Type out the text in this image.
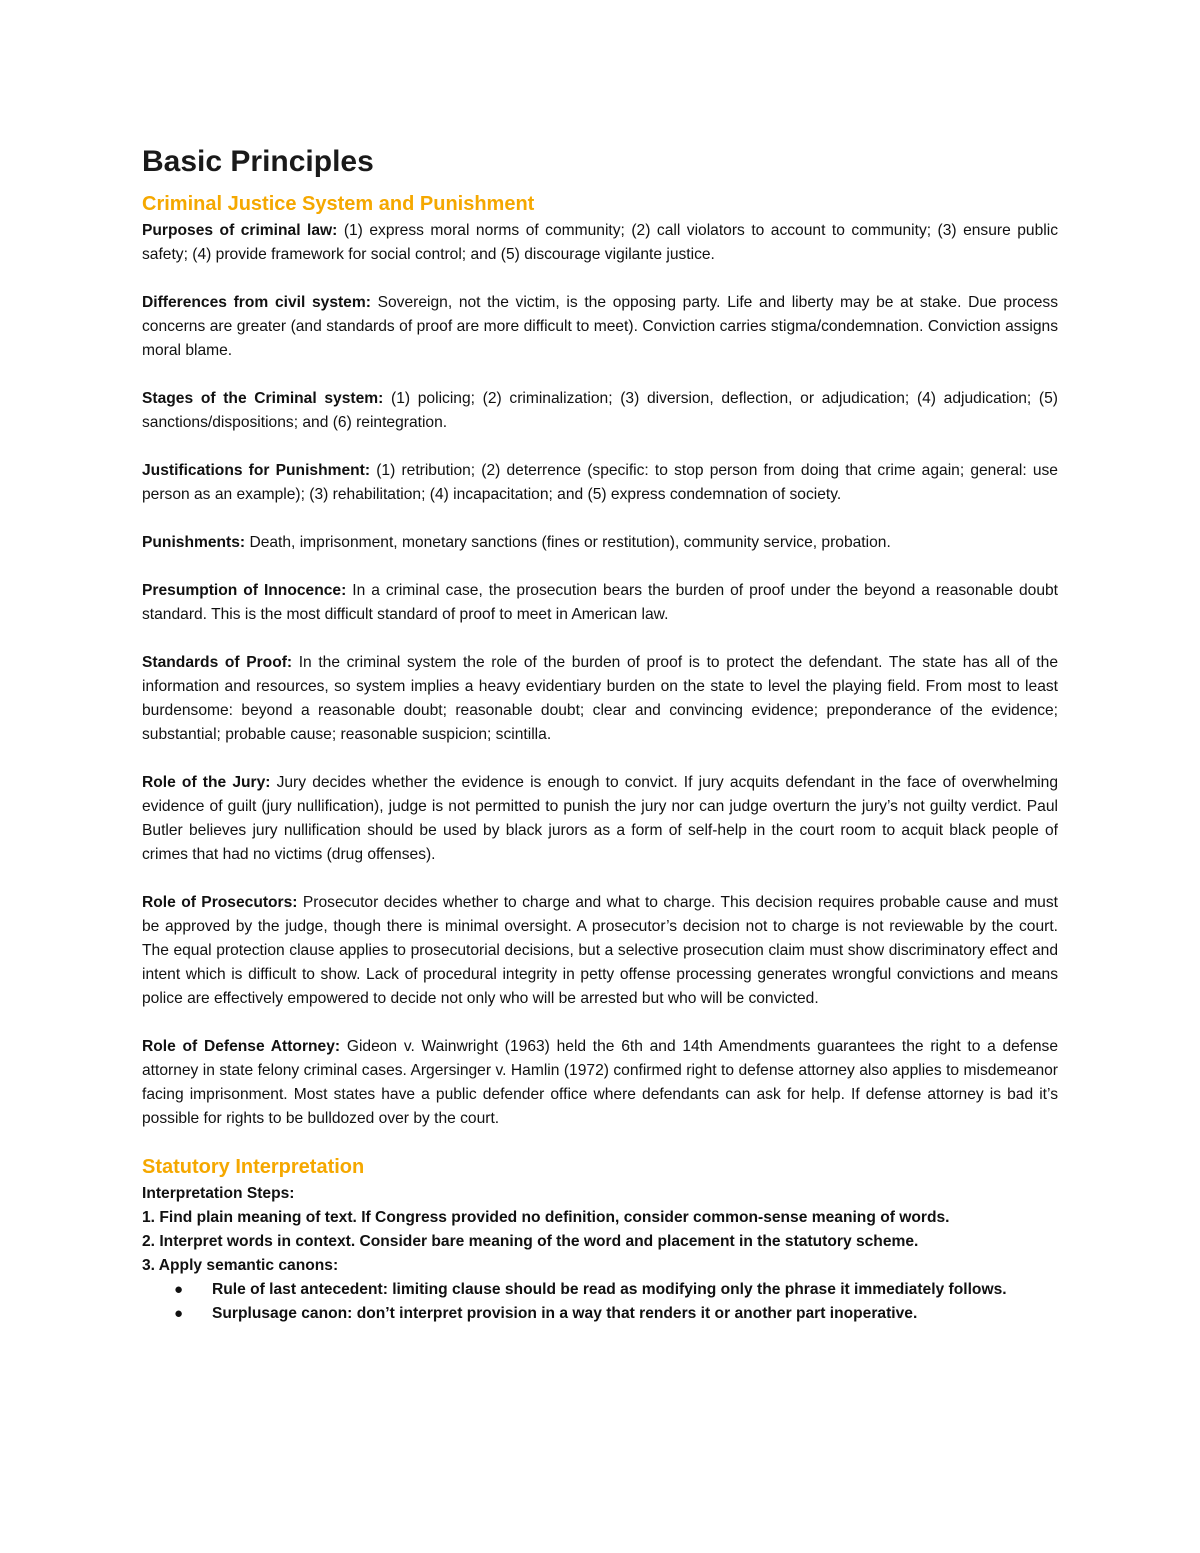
Basic Principles
Criminal Justice System and Punishment

Purposes of criminal law: (1) express moral norms of community; (2) call violators to account to community; (3) ensure public safety; (4) provide framework for social control; and (5) discourage vigilante justice.

Differences from civil system: Sovereign, not the victim, is the opposing party. Life and liberty may be at stake. Due process concerns are greater (and standards of proof are more difficult to meet). Conviction carries stigma/condemnation. Conviction assigns moral blame.

Stages of the Criminal system: (1) policing; (2) criminalization; (3) diversion, deflection, or adjudication; (4) adjudication; (5) sanctions/dispositions; and (6) reintegration.

Justifications for Punishment: (1) retribution; (2) deterrence (specific: to stop person from doing that crime again; general: use person as an example); (3) rehabilitation; (4) incapacitation; and (5) express condemnation of society.

Punishments: Death, imprisonment, monetary sanctions (fines or restitution), community service, probation.

Presumption of Innocence: In a criminal case, the prosecution bears the burden of proof under the beyond a reasonable doubt standard. This is the most difficult standard of proof to meet in American law.

Standards of Proof: In the criminal system the role of the burden of proof is to protect the defendant. The state has all of the information and resources, so system implies a heavy evidentiary burden on the state to level the playing field. From most to least burdensome: beyond a reasonable doubt; reasonable doubt; clear and convincing evidence; preponderance of the evidence; substantial; probable cause; reasonable suspicion; scintilla.

Role of the Jury: Jury decides whether the evidence is enough to convict. If jury acquits defendant in the face of overwhelming evidence of guilt (jury nullification), judge is not permitted to punish the jury nor can judge overturn the jury’s not guilty verdict. Paul Butler believes jury nullification should be used by black jurors as a form of self-help in the court room to acquit black people of crimes that had no victims (drug offenses).

Role of Prosecutors: Prosecutor decides whether to charge and what to charge. This decision requires probable cause and must be approved by the judge, though there is minimal oversight. A prosecutor’s decision not to charge is not reviewable by the court. The equal protection clause applies to prosecutorial decisions, but a selective prosecution claim must show discriminatory effect and intent which is difficult to show. Lack of procedural integrity in petty offense processing generates wrongful convictions and means police are effectively empowered to decide not only who will be arrested but who will be convicted.

Role of Defense Attorney: Gideon v. Wainwright (1963) held the 6th and 14th Amendments guarantees the right to a defense attorney in state felony criminal cases. Argersinger v. Hamlin (1972) confirmed right to defense attorney also applies to misdemeanor facing imprisonment. Most states have a public defender office where defendants can ask for help. If defense attorney is bad it’s possible for rights to be bulldozed over by the court.

Statutory Interpretation

Interpretation Steps:

1. Find plain meaning of text. If Congress provided no definition, consider common-sense meaning of words.

2. Interpret words in context. Consider bare meaning of the word and placement in the statutory scheme.

3. Apply semantic canons:

● Rule of last antecedent: limiting clause should be read as modifying only the phrase it immediately follows.
● Surplusage canon: don’t interpret provision in a way that renders it or another part inoperative.
